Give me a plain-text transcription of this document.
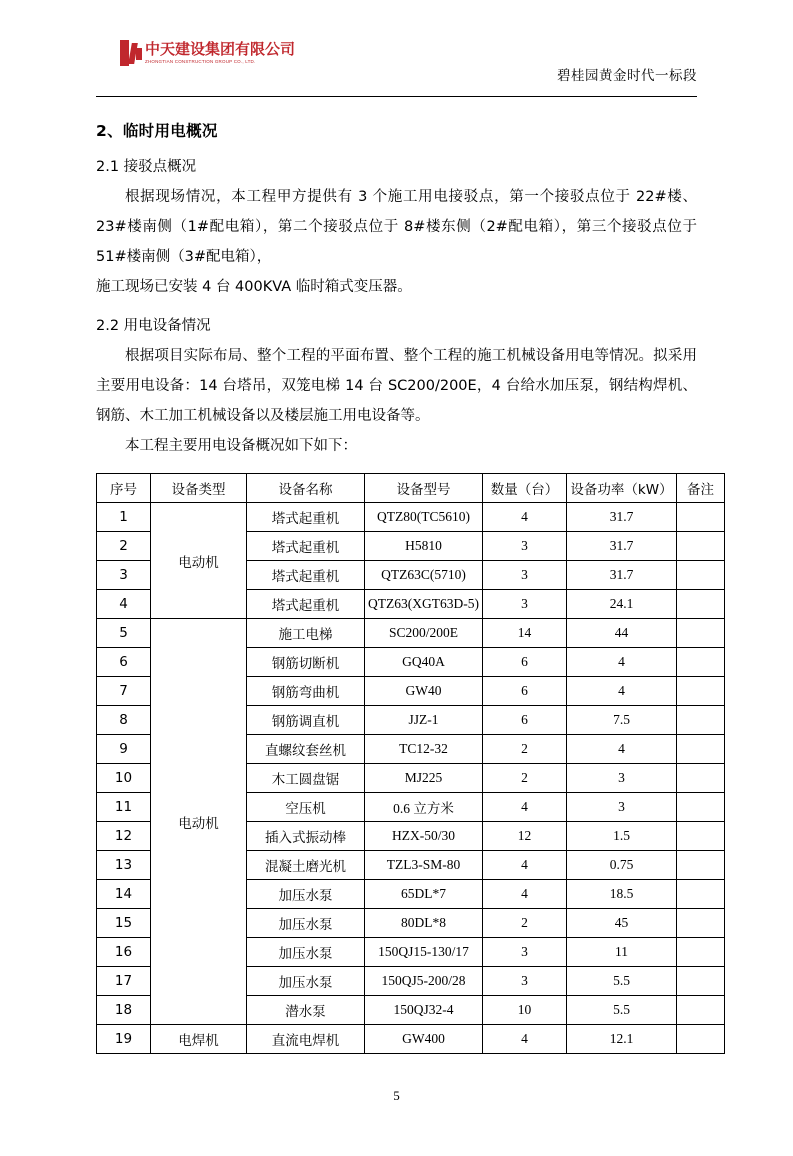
中天建设集团有限公司
ZHONGTIAN CONSTRUCTION GROUP CO., LTD.
碧桂园黄金时代一标段
2、临时用电概况
2.1 接驳点概况

根据现场情况，本工程甲方提供有 3 个施工用电接驳点，第一个接驳点位于 22#楼、23#楼南侧（1#配电箱），第二个接驳点位于 8#楼东侧（2#配电箱），第三个接驳点位于 51#楼南侧（3#配电箱），

施工现场已安装 4 台 400KVA 临时箱式变压器。

2.2 用电设备情况

根据项目实际布局、整个工程的平面布置、整个工程的施工机械设备用电等情况。拟采用主要用电设备：14 台塔吊，双笼电梯 14 台 SC200/200E，4 台给水加压泵，钢结构焊机、钢筋、木工加工机械设备以及楼层施工用电设备等。

本工程主要用电设备概况如下如下：

序号	设备类型	设备名称	设备型号	数量（台）	设备功率（kW）	备注
1	电动机	塔式起重机	QTZ80(TC5610)	4	31.7	
2		塔式起重机	H5810	3	31.7	
3		塔式起重机	QTZ63C(5710)	3	31.7	
4		塔式起重机	QTZ63(XGT63D-5)	3	24.1	
5	电动机	施工电梯	SC200/200E	14	44	
6		钢筋切断机	GQ40A	6	4	
7		钢筋弯曲机	GW40	6	4	
8		钢筋调直机	JJZ-1	6	7.5	
9		直螺纹套丝机	TC12-32	2	4	
10		木工圆盘锯	MJ225	2	3	
11		空压机	0.6 立方米	4	3	
12		插入式振动棒	HZX-50/30	12	1.5	
13		混凝土磨光机	TZL3-SM-80	4	0.75	
14		加压水泵	65DL*7	4	18.5	
15		加压水泵	80DL*8	2	45	
16		加压水泵	150QJ15-130/17	3	11	
17		加压水泵	150QJ5-200/28	3	5.5	
18		潜水泵	150QJ32-4	10	5.5	
19	电焊机	直流电焊机	GW400	4	12.1	
5
